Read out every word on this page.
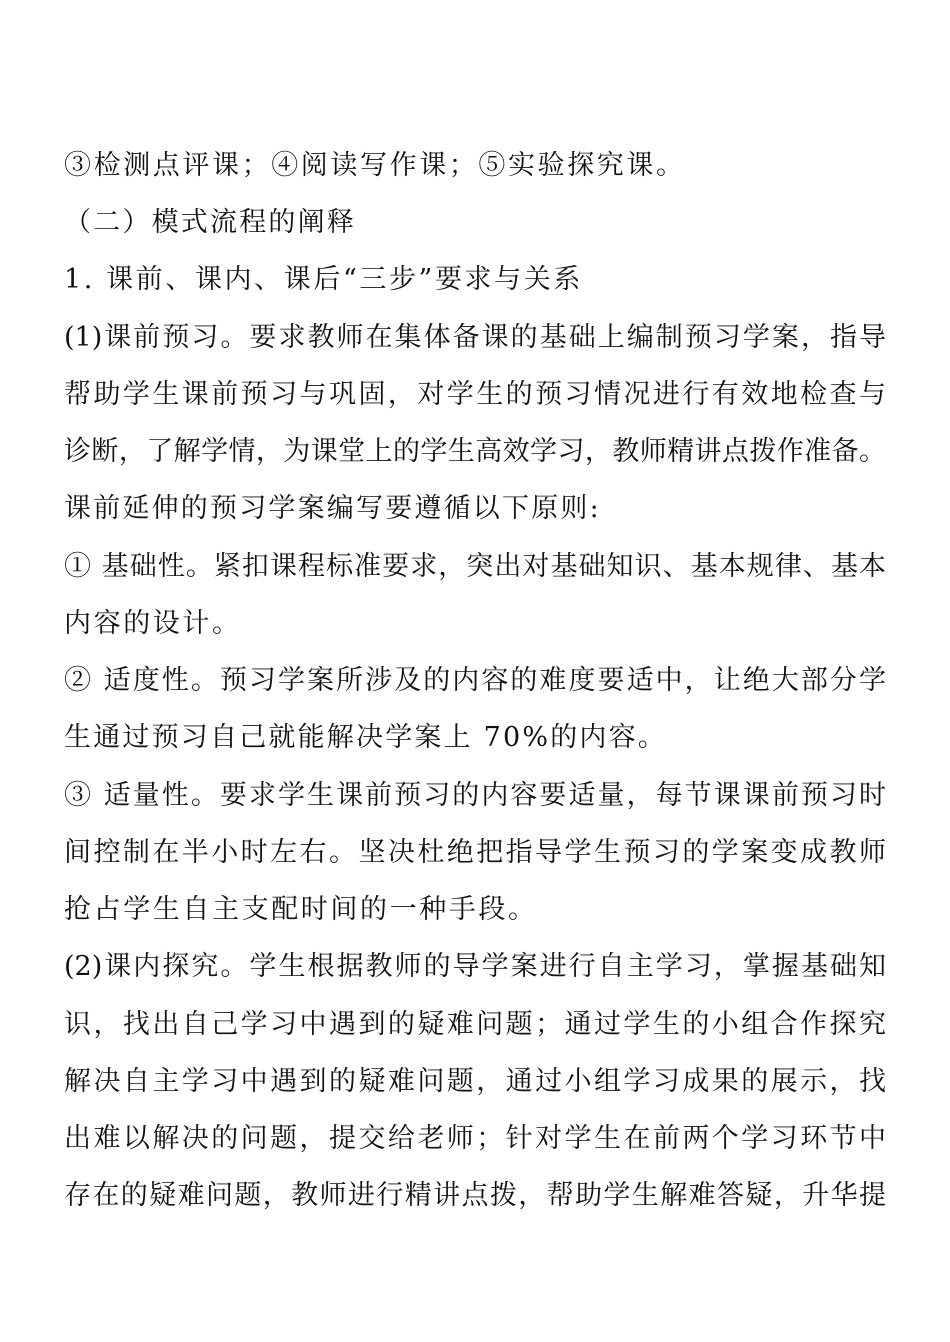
③检测点评课；④阅读写作课；⑤实验探究课。
（二）模式流程的阐释
1. 课前、课内、课后“三步”要求与关系
(1)课前预习。要求教师在集体备课的基础上编制预习学案，指导
帮助学生课前预习与巩固，对学生的预习情况进行有效地检查与
诊断，了解学情，为课堂上的学生高效学习，教师精讲点拨作准备。
课前延伸的预习学案编写要遵循以下原则:
① 基础性。紧扣课程标准要求，突出对基础知识、基本规律、基本
内容的设计。
② 适度性。预习学案所涉及的内容的难度要适中，让绝大部分学
生通过预习自己就能解决学案上 70%的内容。
③ 适量性。要求学生课前预习的内容要适量，每节课课前预习时
间控制在半小时左右。坚决杜绝把指导学生预习的学案变成教师
抢占学生自主支配时间的一种手段。
(2)课内探究。学生根据教师的导学案进行自主学习，掌握基础知
识，找出自己学习中遇到的疑难问题；通过学生的小组合作探究
解决自主学习中遇到的疑难问题，通过小组学习成果的展示，找
出难以解决的问题，提交给老师；针对学生在前两个学习环节中
存在的疑难问题，教师进行精讲点拨，帮助学生解难答疑，升华提
